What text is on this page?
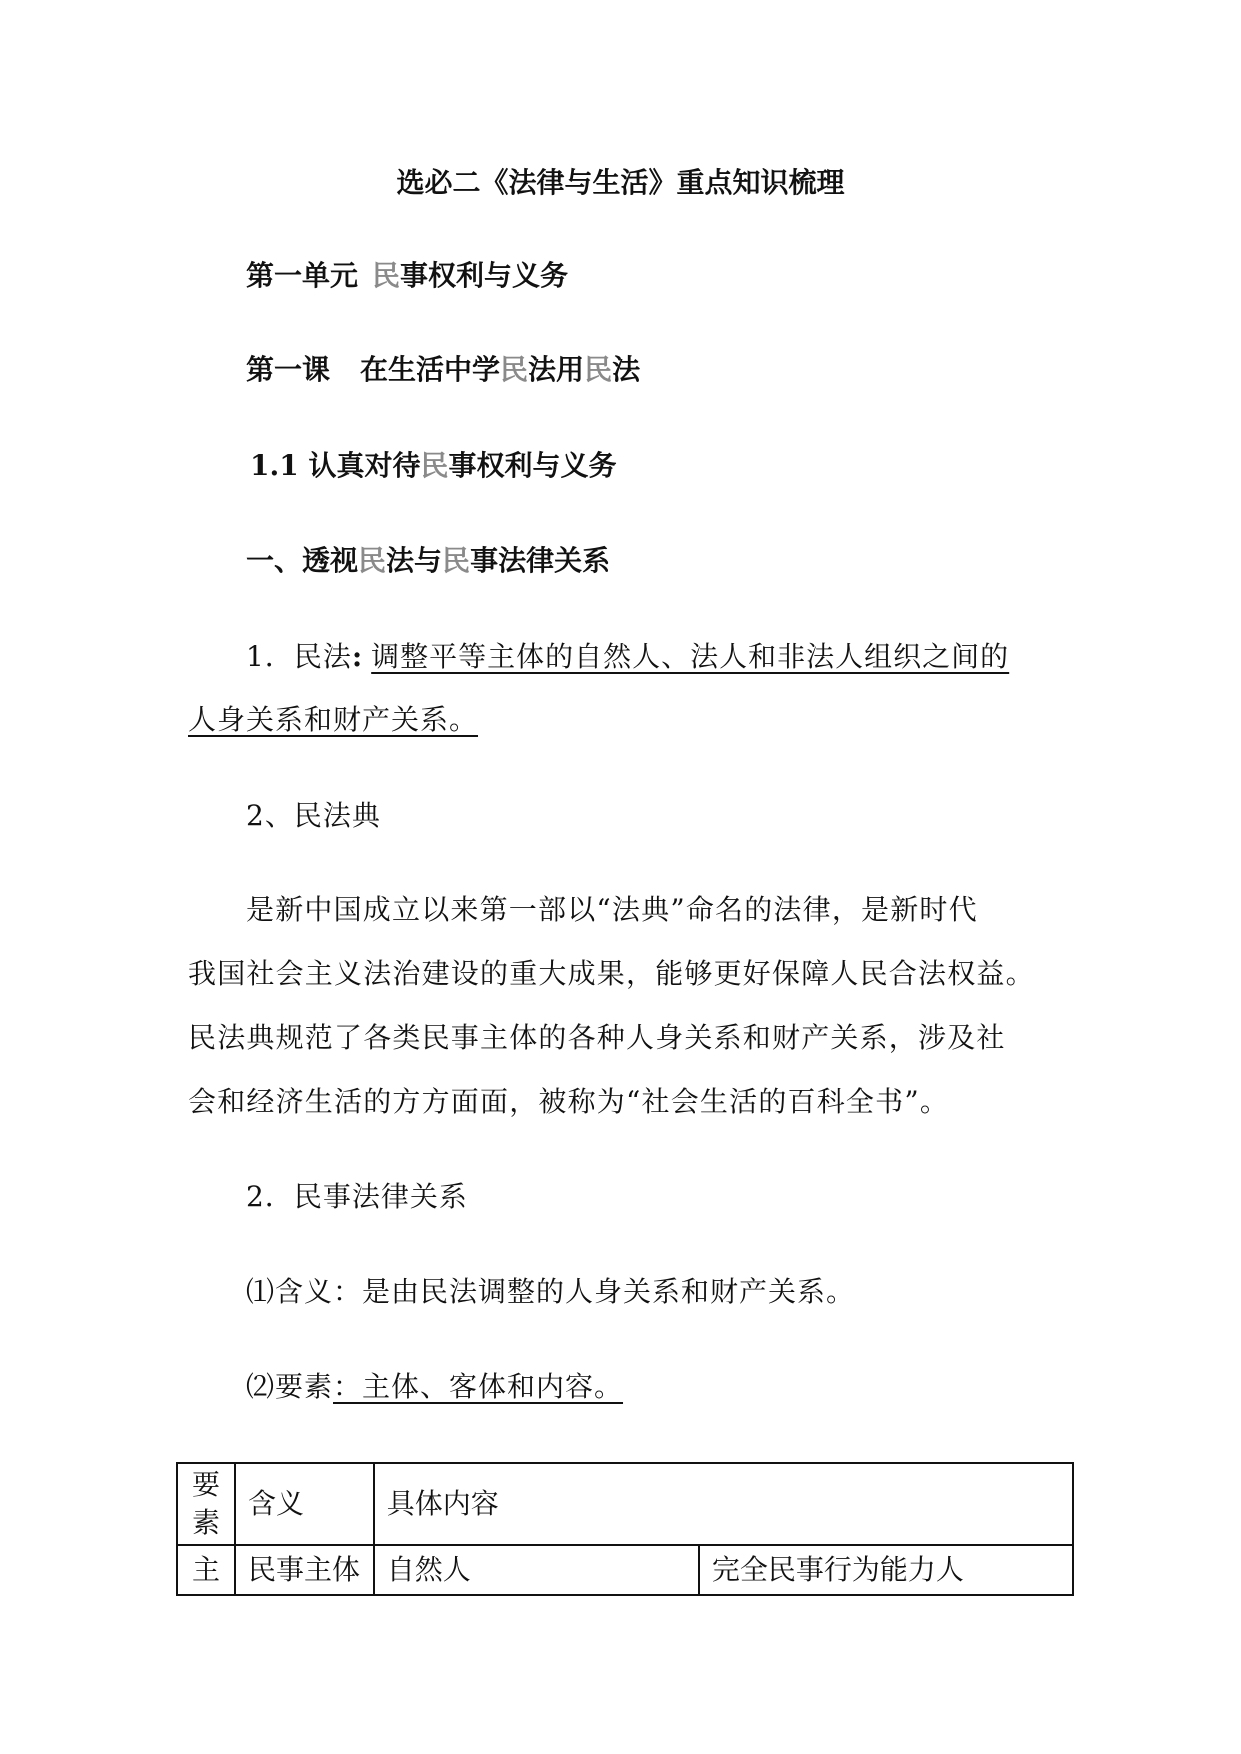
选必二《法律与生活》重点知识梳理
第一单元 民事权利与义务
第一课 在生活中学民法用民法
1.1 认真对待民事权利与义务
一、透视民法与民事法律关系
1．民法: 调整平等主体的自然人、法人和非法人组织之间的
人身关系和财产关系。
2、民法典
是新中国成立以来第一部以“法典”命名的法律，是新时代
我国社会主义法治建设的重大成果，能够更好保障人民合法权益。
民法典规范了各类民事主体的各种人身关系和财产关系，涉及社
会和经济生活的方方面面，被称为“社会生活的百科全书”。
2．民事法律关系
⑴含义：是由民法调整的人身关系和财产关系。
⑵要素：主体、客体和内容。
要素	含义	具体内容	
主	民事主体	自然人	完全民事行为能力人
